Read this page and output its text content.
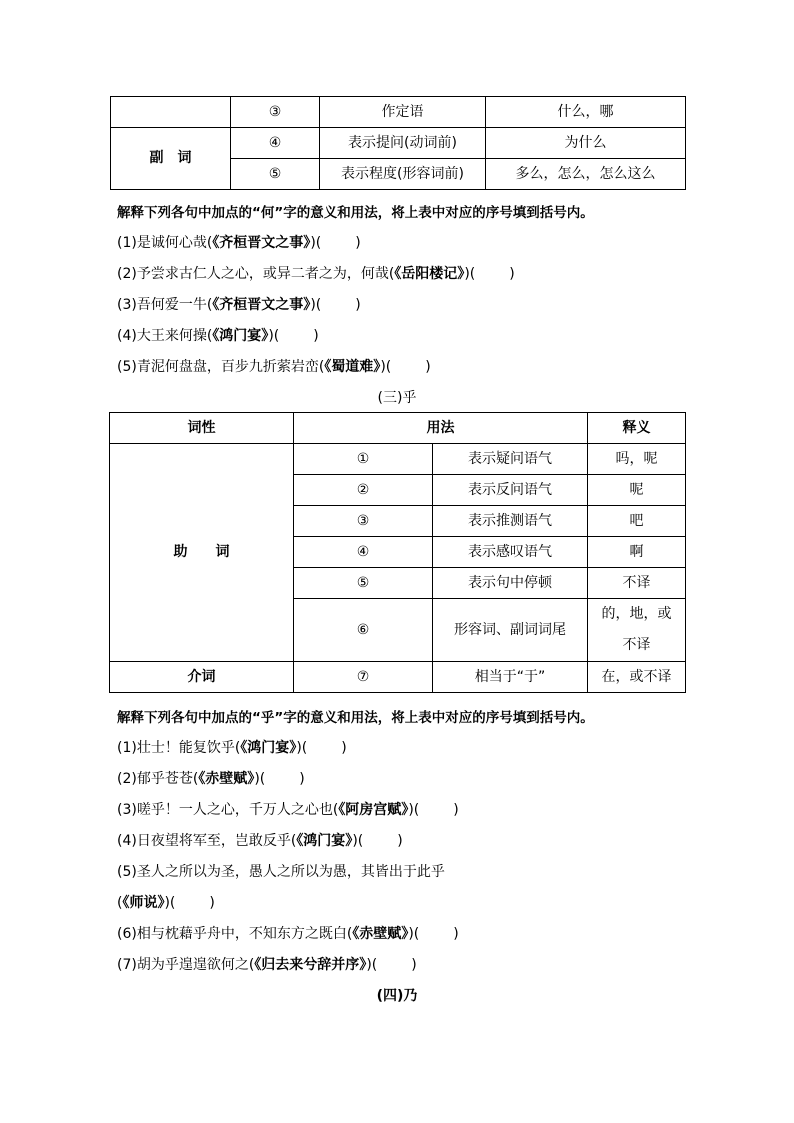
	③	作定语	什么，哪
副　词	④	表示提问(动词前)	为什么
	⑤	表示程度(形容词前)	多么，怎么，怎么这么
解释下列各句中加点的“何”字的意义和用法，将上表中对应的序号填到括号内。
(1)是诚何心哉(《齐桓晋文之事》)( )
(2)予尝求古仁人之心，或异二者之为，何哉(《岳阳楼记》)( )
(3)吾何爱一牛(《齐桓晋文之事》)( )
(4)大王来何操(《鸿门宴》)( )
(5)青泥何盘盘，百步九折萦岩峦(《蜀道难》)( )
(三)乎
词性	用法		释义
助　　词	①	表示疑问语气	吗，呢
	②	表示反问语气	呢
	③	表示推测语气	吧
	④	表示感叹语气	啊
	⑤	表示句中停顿	不译
	⑥	形容词、副词词尾	的，地，或
不译
介词	⑦	相当于“于”	在，或不译
解释下列各句中加点的“乎”字的意义和用法，将上表中对应的序号填到括号内。
(1)壮士！能复饮乎(《鸿门宴》)( )
(2)郁乎苍苍(《赤壁赋》)( )
(3)嗟乎！一人之心，千万人之心也(《阿房宫赋》)( )
(4)日夜望将军至，岂敢反乎(《鸿门宴》)( )
(5)圣人之所以为圣，愚人之所以为愚，其皆出于此乎
(《师说》)( )
(6)相与枕藉乎舟中，不知东方之既白(《赤壁赋》)( )
(7)胡为乎遑遑欲何之(《归去来兮辞并序》)( )
(四)乃
